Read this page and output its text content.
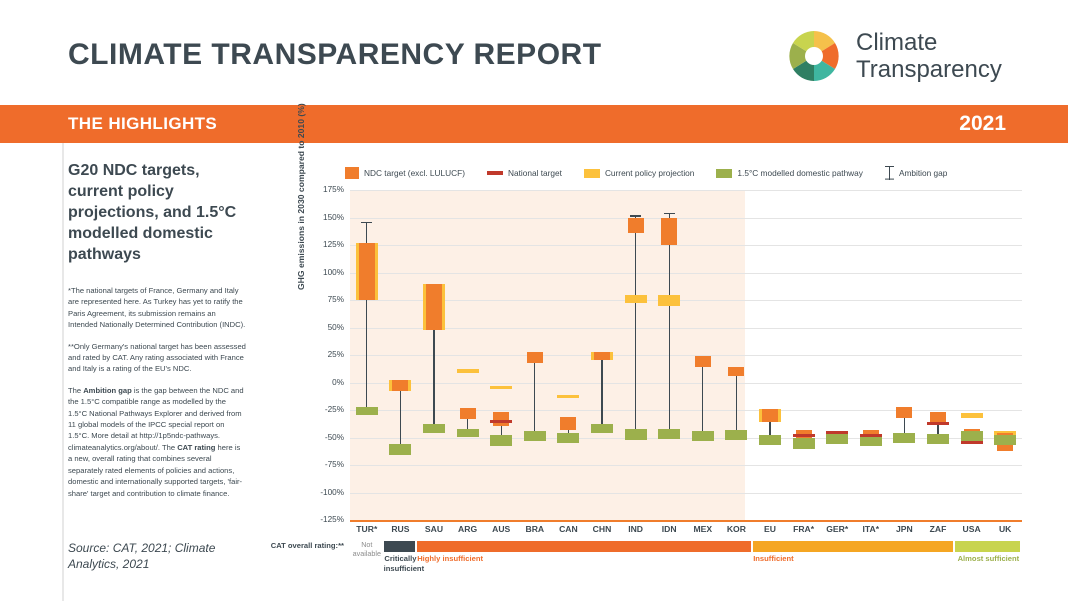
CLIMATE TRANSPARENCY REPORT	Climate
Transparency
THE HIGHLIGHTS	2021
G20 NDC targets, current policy projections, and 1.5°C modelled domestic pathways

*The national targets of France, Germany and Italy are represented here. As Turkey has yet to ratify the Paris Agreement, its submission remains an Intended Nationally Determined Contribution (INDC).

**Only Germany's national target has been assessed and rated by CAT. Any rating associated with France and Italy is a rating of the EU's NDC.

The Ambition gap is the gap between the NDC and the 1.5°C compatible range as modelled by the 1.5°C National Pathways Explorer and derived from 11 global models of the IPCC special report on 1.5°C. More detail at http://1p5ndc-pathways. climateanalytics.org/about/. The CAT rating here is a new, overall rating that combines several separately rated elements of policies and actions, domestic and internationally supported targets, 'fair-share' target and contribution to climate finance.

Source: CAT, 2021; Climate Analytics, 2021
NDC target (excl. LULUCF)	National target	Current policy projection	1.5°C modelled domestic pathway	Ambition gap
GHG emissions in 2030 compared to 2010 (%)	175%
150%
125%
100%
75%
50%
25%
0%
-25%
-50%
-75%
-100%
-125%
TUR*	RUS	SAU	ARG	AUS	BRA	CAN	CHN	IND	IDN	MEX	KOR	EU	FRA*	GER*	ITA*	JPN	ZAF	USA	UK
CAT overall rating:**	Not available
Critically insufficient
Highly insufficient	Insufficient	Almost sufficient
